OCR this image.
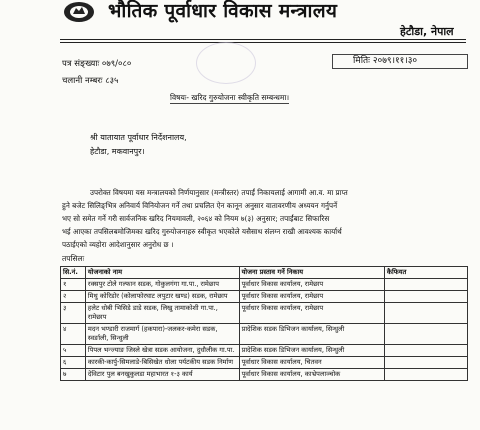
भौतिक पूर्वाधार विकास मन्त्रालय
हेटौडा, नेपाल
पत्र संङ्ख्याः ०७९/०८०
चलानी नम्बरः ८३५
मितिः २०७९।११।३०
विषयः- खरिद गुरुयोजना स्वीकृति सम्बन्धमा।
श्री यातायात पूर्वाधार निर्देशनालय,
हेटौडा, मकवानपुर।
उपरोक्त विषयमा यस मन्त्रालयको निर्णयानुसार (मन्त्रीस्तर) तपाईं निकायलाई आगामी आ.व. मा प्राप्त
हुने बजेट सिलिङ्भित्र अनिवार्य विनियोजन गर्ने तथा प्रचलित ऐन कानून अनुसार वातावरणीय अध्ययन गर्नुपर्ने
भए सो समेत गर्ने गरी सार्वजनिक खरिद नियमावली, २०६४ को नियम ७(३) अनुसार; तपाईंबाट सिफारिस
भई आएका तपसिलबमोजिमका खरिद गुरुयोजनाहरु स्वीकृत भएकोले यसैसाथ संलग्न राखी आवश्यक कार्यार्थ
पठाईएको व्यहोरा आदेशानुसार अनुरोध छ ।
तपसिलः
सि.नं.	योजनाको नाम	योजना प्रस्ताव गर्ने निकाय	कैफियत
१	रक्सपुर टोले गल्फान सडक, गोकुलगंगा गा.पा., रामेछाप	पूर्वाधार विकास कार्यालय, रामेछाप	
२	मिथु कोरिडोर (कोलाफोरघाट लपुटार खण्ड) सडक, रामेछाप	पूर्वाधार विकास कार्यालय, रामेछाप	
३	हलेट धोबी भिसिडे डाडे सडक, लिखु तामाकोशी गा.पा., रामेछाप	पूर्वाधार विकास कार्यालय, रामेछाप	
४	मदन भण्डारी राजमार्ग (हकपारा)-जलकर-कमेरा सडक, स्वर्ङाली, सिन्धुली	प्रादेशिक सडक डिभिजन कार्यालय, सिन्धुली	
५	पिपल भन्ज्याङ जिस्ले खेत्रा सडक आयोजना, दुधौलीक गा.पा.	प्रादेशिक सडक डिभिजन कार्यालय, सिन्धुली	
६	कारकी-कार्पु-सिमलाडे-बिसिखेत धोला पर्यटकीय सडक निर्माण	पूर्वाधार विकास कार्यालय, चितवन	
७	देविटार पुल बनखुकुलडा महाभारत १-३ कार्य	पूर्वाधार विकास कार्यालय, काभ्रेपलाञ्चोक	
